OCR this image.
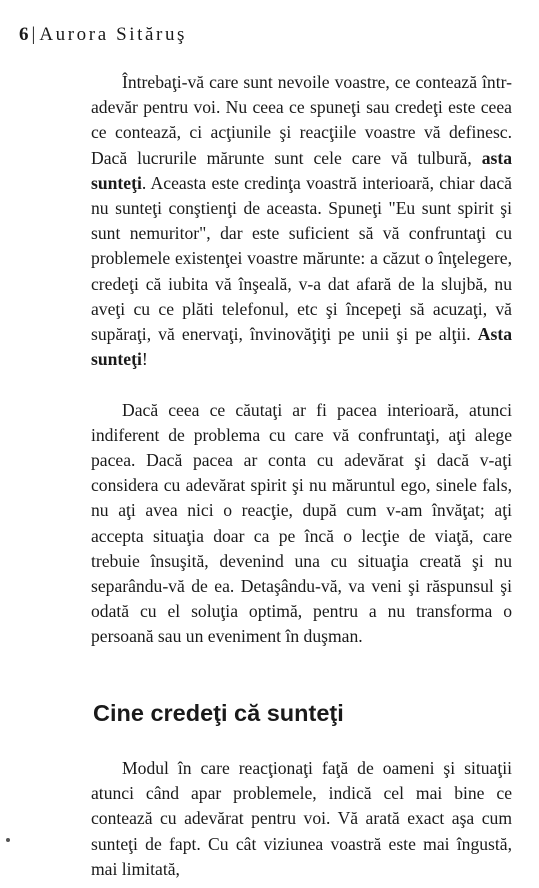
6 | Aurora Sităruş

Întrebaţi-vă care sunt nevoile voastre, ce contează într-adevăr pentru voi. Nu ceea ce spuneţi sau credeţi este ceea ce contează, ci acţiunile şi reacţiile voastre vă definesc. Dacă lucrurile mărunte sunt cele care vă tulbură, asta sunteţi. Aceasta este credinţa voastră interioară, chiar dacă nu sunteţi conştienţi de aceasta. Spuneţi "Eu sunt spirit şi sunt nemuritor", dar este suficient să vă confruntaţi cu problemele existenţei voastre mărunte: a căzut o înţelegere, credeţi că iubita vă înşeală, v-a dat afară de la slujbă, nu aveţi cu ce plăti telefonul, etc şi începeţi să acuzaţi, vă supăraţi, vă enervaţi, învinovăţiţi pe unii şi pe alţii. Asta sunteţi!

Dacă ceea ce căutaţi ar fi pacea interioară, atunci indiferent de problema cu care vă confruntaţi, aţi alege pacea. Dacă pacea ar conta cu adevărat şi dacă v-aţi considera cu adevărat spirit şi nu măruntul ego, sinele fals, nu aţi avea nici o reacţie, după cum v-am învăţat; aţi accepta situaţia doar ca pe încă o lecţie de viaţă, care trebuie însuşită, devenind una cu situaţia creată şi nu separându-vă de ea. Detaşându-vă, va veni şi răspunsul şi odată cu el soluţia optimă, pentru a nu transforma o persoană sau un eveniment în duşman.

Cine credeţi că sunteţi

Modul în care reacţionaţi faţă de oameni şi situaţii atunci când apar problemele, indică cel mai bine ce contează cu adevărat pentru voi. Vă arată exact aşa cum sunteţi de fapt. Cu cât viziunea voastră este mai îngustă, mai limitată,
